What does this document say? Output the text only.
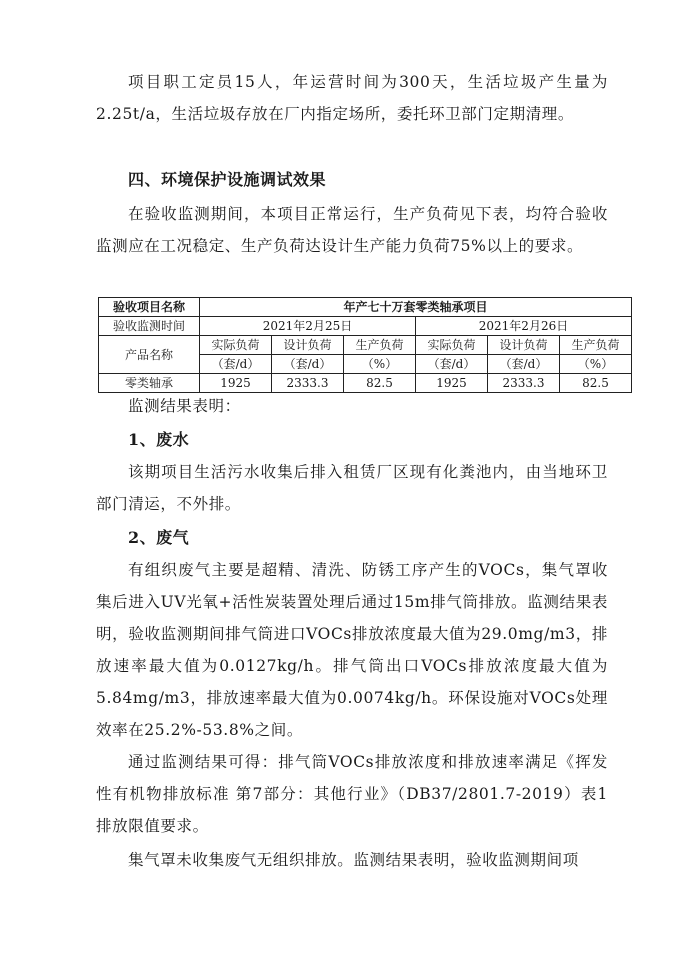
项目职工定员15人，年运营时间为300天，生活垃圾产生量为2.25t/a，生活垃圾存放在厂内指定场所，委托环卫部门定期清理。

四、环境保护设施调试效果

在验收监测期间，本项目正常运行，生产负荷见下表，均符合验收监测应在工况稳定、生产负荷达设计生产能力负荷75%以上的要求。

验收项目名称	年产七十万套零类轴承项目					
验收监测时间	2021年2月25日			2021年2月26日		
产品名称	实际负荷	设计负荷	生产负荷	实际负荷	设计负荷	生产负荷
	（套/d）	（套/d）	（%）	（套/d）	（套/d）	（%）
零类轴承	1925	2333.3	82.5	1925	2333.3	82.5

监测结果表明：

1、废水

该期项目生活污水收集后排入租赁厂区现有化粪池内，由当地环卫部门清运，不外排。

2、废气

有组织废气主要是超精、清洗、防锈工序产生的VOCs，集气罩收集后进入UV光氧+活性炭装置处理后通过15m排气筒排放。监测结果表明，验收监测期间排气筒进口VOCs排放浓度最大值为29.0mg/m3，排放速率最大值为0.0127kg/h。排气筒出口VOCs排放浓度最大值为5.84mg/m3，排放速率最大值为0.0074kg/h。环保设施对VOCs处理效率在25.2%-53.8%之间。

通过监测结果可得：排气筒VOCs排放浓度和排放速率满足《挥发性有机物排放标准 第7部分：其他行业》（DB37/2801.7-2019）表1排放限值要求。

集气罩未收集废气无组织排放。监测结果表明，验收监测期间项
